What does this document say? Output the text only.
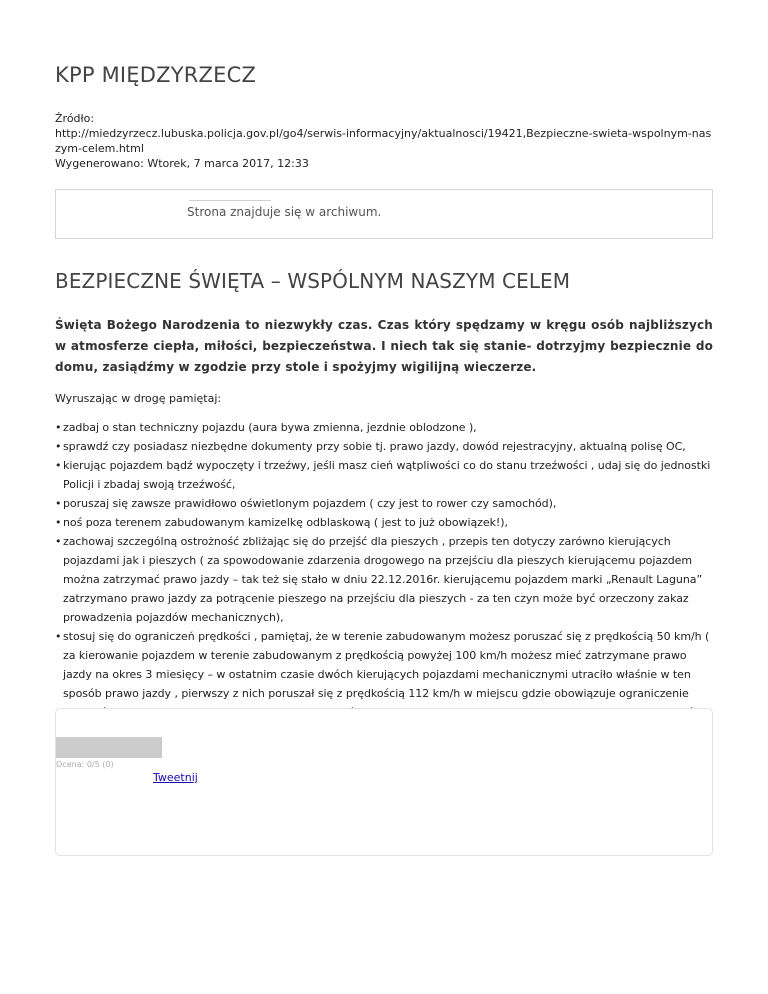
KPP MIĘDZYRZECZ
Źródło:
http://miedzyrzecz.lubuska.policja.gov.pl/go4/serwis-informacyjny/aktualnosci/19421,Bezpieczne-swieta-wspolnym-naszym-celem.html
Wygenerowano: Wtorek, 7 marca 2017, 12:33
Strona znajduje się w archiwum.
BEZPIECZNE ŚWIĘTA – WSPÓLNYM NASZYM CELEM

Święta Bożego Narodzenia to niezwykły czas. Czas który spędzamy w kręgu osób najbliższych w atmosferze ciepła, miłości, bezpieczeństwa. I niech tak się stanie- dotrzyjmy bezpiecznie do domu, zasiądźmy w zgodzie przy stole i spożyjmy wigilijną wieczerze.

Wyruszając w drogę pamiętaj:

• zadbaj o stan techniczny pojazdu (aura bywa zmienna, jezdnie oblodzone ),
• sprawdź czy posiadasz niezbędne dokumenty przy sobie tj. prawo jazdy, dowód rejestracyjny, aktualną polisę OC,
• kierując pojazdem bądź wypoczęty i trzeźwy, jeśli masz cień wątpliwości co do stanu trzeźwości , udaj się do jednostki Policji i zbadaj swoją trzeźwość,
• poruszaj się zawsze prawidłowo oświetlonym pojazdem ( czy jest to rower czy samochód),
• noś poza terenem zabudowanym kamizelkę odblaskową ( jest to już obowiązek!),
• zachowaj szczególną ostrożność zbliżając się do przejść dla pieszych , przepis ten dotyczy zarówno kierujących pojazdami jak i pieszych ( za spowodowanie zdarzenia drogowego na przejściu dla pieszych kierującemu pojazdem można zatrzymać prawo jazdy – tak też się stało w dniu 22.12.2016r. kierującemu pojazdem marki „Renault Laguna” zatrzymano prawo jazdy za potrącenie pieszego na przejściu dla pieszych - za ten czyn może być orzeczony zakaz prowadzenia pojazdów mechanicznych),
• stosuj się do ograniczeń prędkości , pamiętaj, że w terenie zabudowanym możesz poruszać się z prędkością 50 km/h ( za kierowanie pojazdem w terenie zabudowanym z prędkością powyżej 100 km/h możesz mieć zatrzymane prawo jazdy na okres 3 miesięcy – w ostatnim czasie dwóch kierujących pojazdami mechanicznymi utraciło właśnie w ten sposób prawo jazdy , pierwszy z nich poruszał się z prędkością 112 km/h w miejscu gdzie obowiązuje ograniczenie
Ocena: 0/5 (0)
Tweetnij
